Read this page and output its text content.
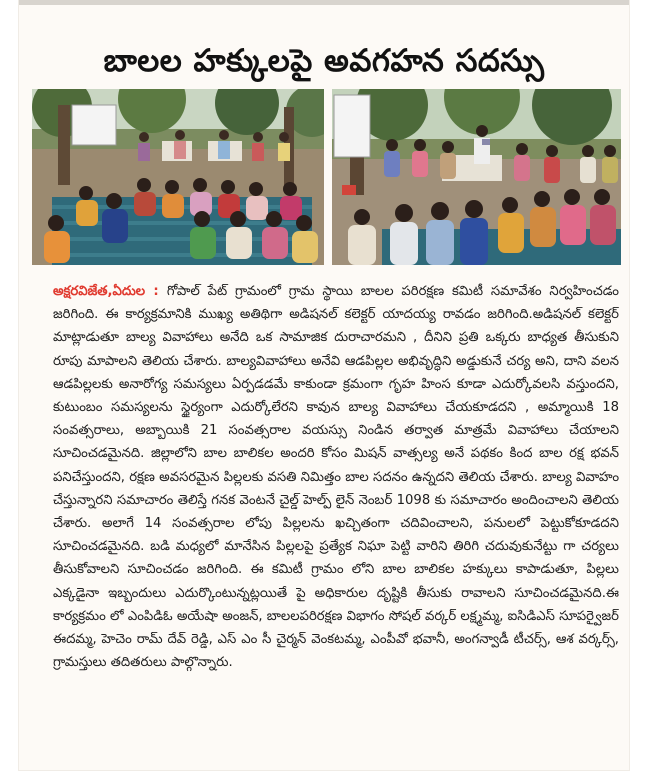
బాలల హక్కులపై అవగహన సదస్సు

అక్షరవిజేత,ఏదుల : గోపాల్ పేట్ గ్రామంలో గ్రామ స్థాయి బాలల పరిరక్షణ కమిటీ సమావేశం నిర్వహించడం జరిగింది. ఈ కార్యక్రమానికి ముఖ్య అతిథిగా అడిషనల్ కలెక్టర్ యాదయ్య రావడం జరిగింది.అడిషనల్ కలెక్టర్ మాట్లాడుతూ బాల్య వివాహాలు అనేది ఒక సామాజిక దురాచారమని , దీనిని ప్రతి ఒక్కరు బాధ్యత తీసుకుని రూపు మాపాలని తెలియ చేశారు. బాల్యవివాహాలు అనేవి ఆడపిల్లల అభివృద్ధిని అడ్డుకునే చర్య అని, దాని వలన ఆడపిల్లలకు అనారోగ్య సమస్యలు ఏర్పడడమే కాకుండా క్రమంగా గృహ హింస కూడా ఎదుర్కోవలసి వస్తుందని, కుటుంబం సమస్యలను స్థైర్యంగా ఎదుర్కోలేరని కావున బాల్య వివాహాలు చేయకూడదని , అమ్మాయికి 18 సంవత్సరాలు, అబ్బాయికి 21 సంవత్సరాల వయస్సు నిండిన తర్వాత మాత్రమే వివాహాలు చేయాలని సూచించడమైనది. జిల్లాలోని బాల బాలికల అందరి కోసం మిషన్ వాత్సల్య అనే పథకం కింద బాల రక్ష భవన్ పనిచేస్తుందని, రక్షణ అవసరమైన పిల్లలకు వసతి నిమిత్తం బాల సదనం ఉన్నదని తెలియ చేశారు. బాల్య వివాహం చేస్తున్నారని సమాచారం తెలిస్తే గనక వెంటనే చైల్డ్ హెల్ప్ లైన్ నెంబర్ 1098 కు సమాచారం అందించాలని తెలియ చేశారు. అలాగే 14 సంవత్సరాల లోపు పిల్లలను ఖచ్చితంగా చదివించాలని, పనులలో పెట్టుకోకూడదని సూచించడమైనది. బడి మధ్యలో మానేసిన పిల్లలపై ప్రత్యేక నిఘా పెట్టి వారిని తిరిగి చదువుకునేట్టు గా చర్యలు తీసుకోవాలని సూచించడం జరిగింది. ఈ కమిటీ గ్రామం లోని బాల బాలికల హక్కులు కాపాడుతూ, పిల్లలు ఎక్కడైనా ఇబ్బందులు ఎదుర్కొంటున్నట్లయితే పై అధికారుల దృష్టికి తీసుకు రావాలని సూచించడమైనది.ఈ కార్యక్రమం లో ఎంపిడిఓ అయేషా అంజన్, బాలలపరిరక్షణ విభాగం సోషల్ వర్కర్ లక్ష్మమ్మ, ఐసిడిఎస్ సూపర్వైజర్ ఈదమ్మ, హెచెం రామ్ దేవ్ రెడ్డి, ఎస్ ఎం సీ చైర్మన్ వెంకటమ్మ, ఎంపీవో భవానీ, అంగన్వాడీ టీచర్స్, ఆశ వర్కర్స్, గ్రామస్తులు తదితరులు పాల్గొన్నారు.
